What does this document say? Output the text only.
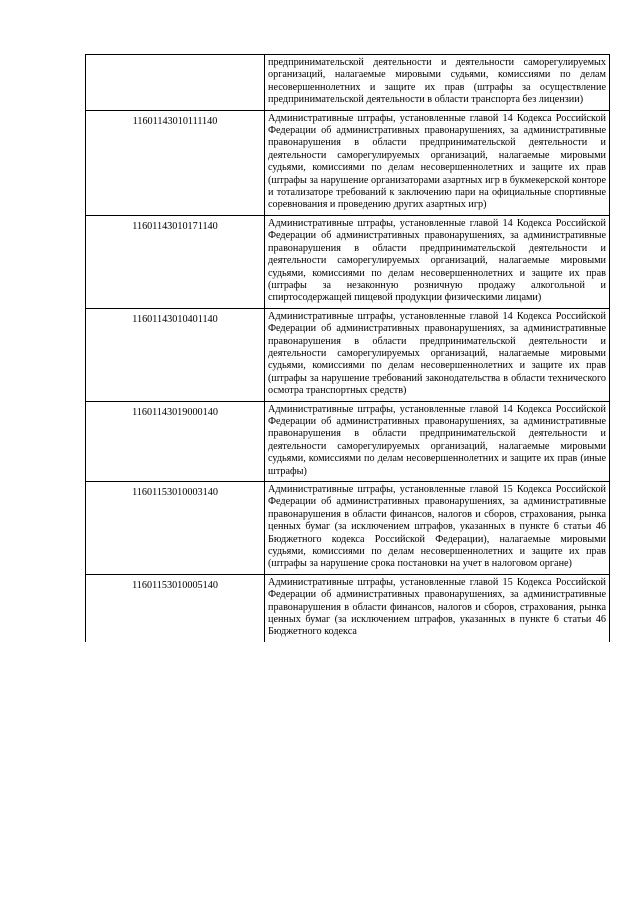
	предпринимательской деятельности и деятельности саморегулируемых организаций, налагаемые мировыми судьями, комиссиями по делам несовершеннолетних и защите их прав (штрафы за осуществление предпринимательской деятельности в области транспорта без лицензии)
11601143010111140	Административные штрафы, установленные главой 14 Кодекса Российской Федерации об административных правонарушениях, за административные правонарушения в области предпринимательской деятельности и деятельности саморегулируемых организаций, налагаемые мировыми судьями, комиссиями по делам несовершеннолетних и защите их прав (штрафы за нарушение организаторами азартных игр в букмекерской конторе и тотализаторе требований к заключению пари на официальные спортивные соревнования и проведению других азартных игр)
11601143010171140	Административные штрафы, установленные главой 14 Кодекса Российской Федерации об административных правонарушениях, за административные правонарушения в области предпринимательской деятельности и деятельности саморегулируемых организаций, налагаемые мировыми судьями, комиссиями по делам несовершеннолетних и защите их прав (штрафы за незаконную розничную продажу алкогольной и спиртосодержащей пищевой продукции физическими лицами)
11601143010401140	Административные штрафы, установленные главой 14 Кодекса Российской Федерации об административных правонарушениях, за административные правонарушения в области предпринимательской деятельности и деятельности саморегулируемых организаций, налагаемые мировыми судьями, комиссиями по делам несовершеннолетних и защите их прав (штрафы за нарушение требований законодательства в области технического осмотра транспортных средств)
11601143019000140	Административные штрафы, установленные главой 14 Кодекса Российской Федерации об административных правонарушениях, за административные правонарушения в области предпринимательской деятельности и деятельности саморегулируемых организаций, налагаемые мировыми судьями, комиссиями по делам несовершеннолетних и защите их прав (иные штрафы)
11601153010003140	Административные штрафы, установленные главой 15 Кодекса Российской Федерации об административных правонарушениях, за административные правонарушения в области финансов, налогов и сборов, страхования, рынка ценных бумаг (за исключением штрафов, указанных в пункте 6 статьи 46 Бюджетного кодекса Российской Федерации), налагаемые мировыми судьями, комиссиями по делам несовершеннолетних и защите их прав (штрафы за нарушение срока постановки на учет в налоговом органе)
11601153010005140	Административные штрафы, установленные главой 15 Кодекса Российской Федерации об административных правонарушениях, за административные правонарушения в области финансов, налогов и сборов, страхования, рынка ценных бумаг (за исключением штрафов, указанных в пункте 6 статьи 46 Бюджетного кодекса
